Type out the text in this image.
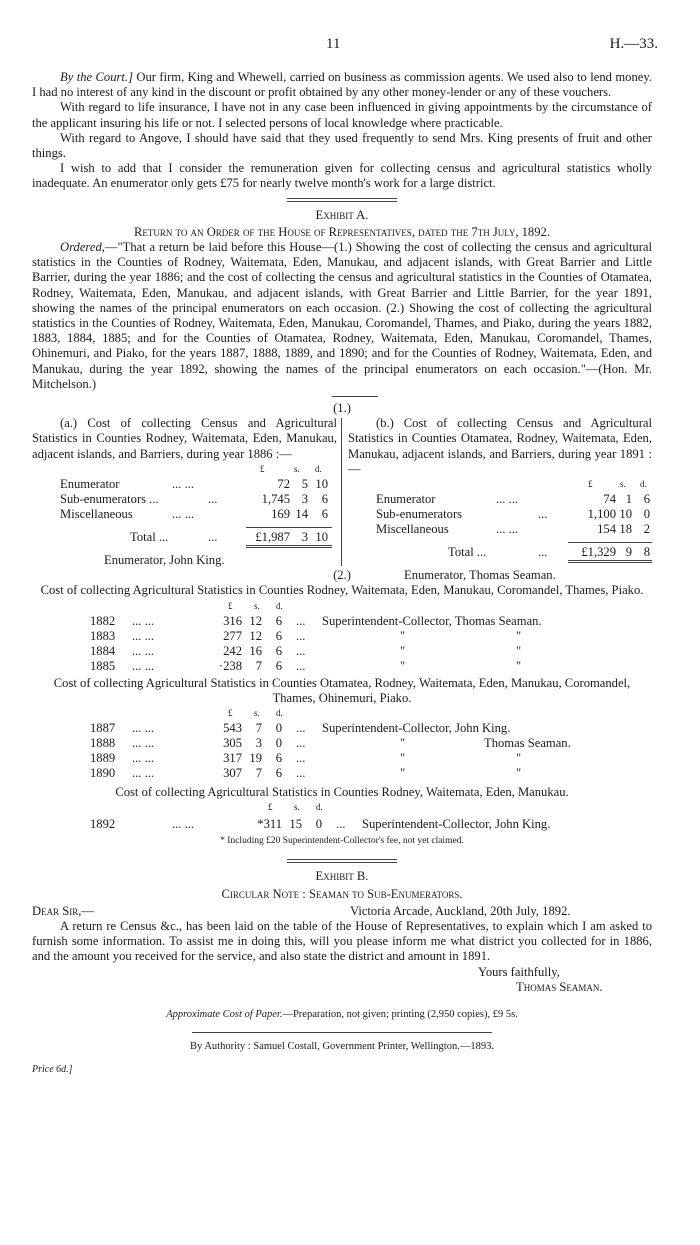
11	H.—33.

By the Court.] Our firm, King and Whewell, carried on business as commission agents. We used also to lend money. I had no interest of any kind in the discount or profit obtained by any other money-lender or any of these vouchers.

With regard to life insurance, I have not in any case been influenced in giving appointments by the circumstance of the applicant insuring his life or not. I selected persons of local knowledge where practicable.

With regard to Angove, I should have said that they used frequently to send Mrs. King presents of fruit and other things.

I wish to add that I consider the remuneration given for collecting census and agricultural statistics wholly inadequate. An enumerator only gets £75 for nearly twelve month's work for a large district.

Exhibit A.

Return to an Order of the House of Representatives, dated the 7th July, 1892.

Ordered,—"That a return be laid before this House—(1.) Showing the cost of collecting the census and agricultural statistics in the Counties of Rodney, Waitemata, Eden, Manukau, and adjacent islands, with Great Barrier and Little Barrier, during the year 1886; and the cost of collecting the census and agricultural statistics in the Counties of Otamatea, Rodney, Waitemata, Eden, Manukau, and adjacent islands, with Great Barrier and Little Barrier, for the year 1891, showing the names of the principal enumerators on each occasion. (2.) Showing the cost of collecting the agricultural statistics in the Counties of Rodney, Waitemata, Eden, Manukau, Coromandel, Thames, and Piako, during the years 1882, 1883, 1884, 1885; and for the Counties of Otamatea, Rodney, Waitemata, Eden, Manukau, Coromandel, Thames, Ohinemuri, and Piako, for the years 1887, 1888, 1889, and 1890; and for the Counties of Rodney, Waitemata, Eden, and Manukau, during the year 1892, showing the names of the principal enumerators on each occasion."—(Hon. Mr. Mitchelson.)

(1.)

(a.) Cost of collecting Census and Agricultural Statistics in Counties Rodney, Waitemata, Eden, Manukau, adjacent islands, and Barriers, during year 1886 :—

£	s. d.
Enumerator	... ...	72 5 10
Sub-enumerators ...	...	1,745 3	6
Miscellaneous	... ...	169 14	6
Total ...	...	£1,987 3 10

Enumerator, John King.

(b.) Cost of collecting Census and Agricultural Statistics in Counties Otamatea, Rodney, Waitemata, Eden, Manukau, adjacent islands, and Barriers, during year 1891 :—

£	s. d.
Enumerator	... ...	74 1 6
Sub-enumerators	...	1,100 10 0
Miscellaneous	... ...	154 18 2
Total ...	...	£1,329 9 8

Enumerator, Thomas Seaman.

(2.)

Cost of collecting Agricultural Statistics in Counties Rodney, Waitemata, Eden, Manukau, Coromandel, Thames, Piako.

£ s. d.
1882 ... ...	316 12	6 ... Superintendent-Collector, Thomas Seaman.
1883 ... ...	277 12	6 ...	"	"
1884 ... ...	242 16	6 ...	"	"
1885 ... ...	·238	7	6 ...	"	"

Cost of collecting Agricultural Statistics in Counties Otamatea, Rodney, Waitemata, Eden, Manukau, Coromandel, Thames, Ohinemuri, Piako.

£ s. d.
1887 ... ...	543	7	0 ... Superintendent-Collector, John King.
1888 ... ...	305	3	0 ...	"	Thomas Seaman.
1889 ... ...	317 19	6 ...	"	"
1890 ... ...	307	7	6 ...	"	"

Cost of collecting Agricultural Statistics in Counties Rodney, Waitemata, Eden, Manukau.

£ s. d.
1892	... ...	*311 15	0 ... Superintendent-Collector, John King.

* Including £20 Superintendent-Collector's fee, not yet claimed.

Exhibit B.

Circular Note : Seaman to Sub-Enumerators.

Dear Sir,—	Victoria Arcade, Auckland, 20th July, 1892.

A return re Census &c., has been laid on the table of the House of Representatives, to explain which I am asked to furnish some information. To assist me in doing this, will you please inform me what district you collected for in 1886, and the amount you received for the service, and also state the district and amount in 1891.

Yours faithfully,
Thomas Seaman.

Approximate Cost of Paper.—Preparation, not given; printing (2,950 copies), £9 5s.

By Authority : Samuel Costall, Government Printer, Wellington.—1893.

Price 6d.]
